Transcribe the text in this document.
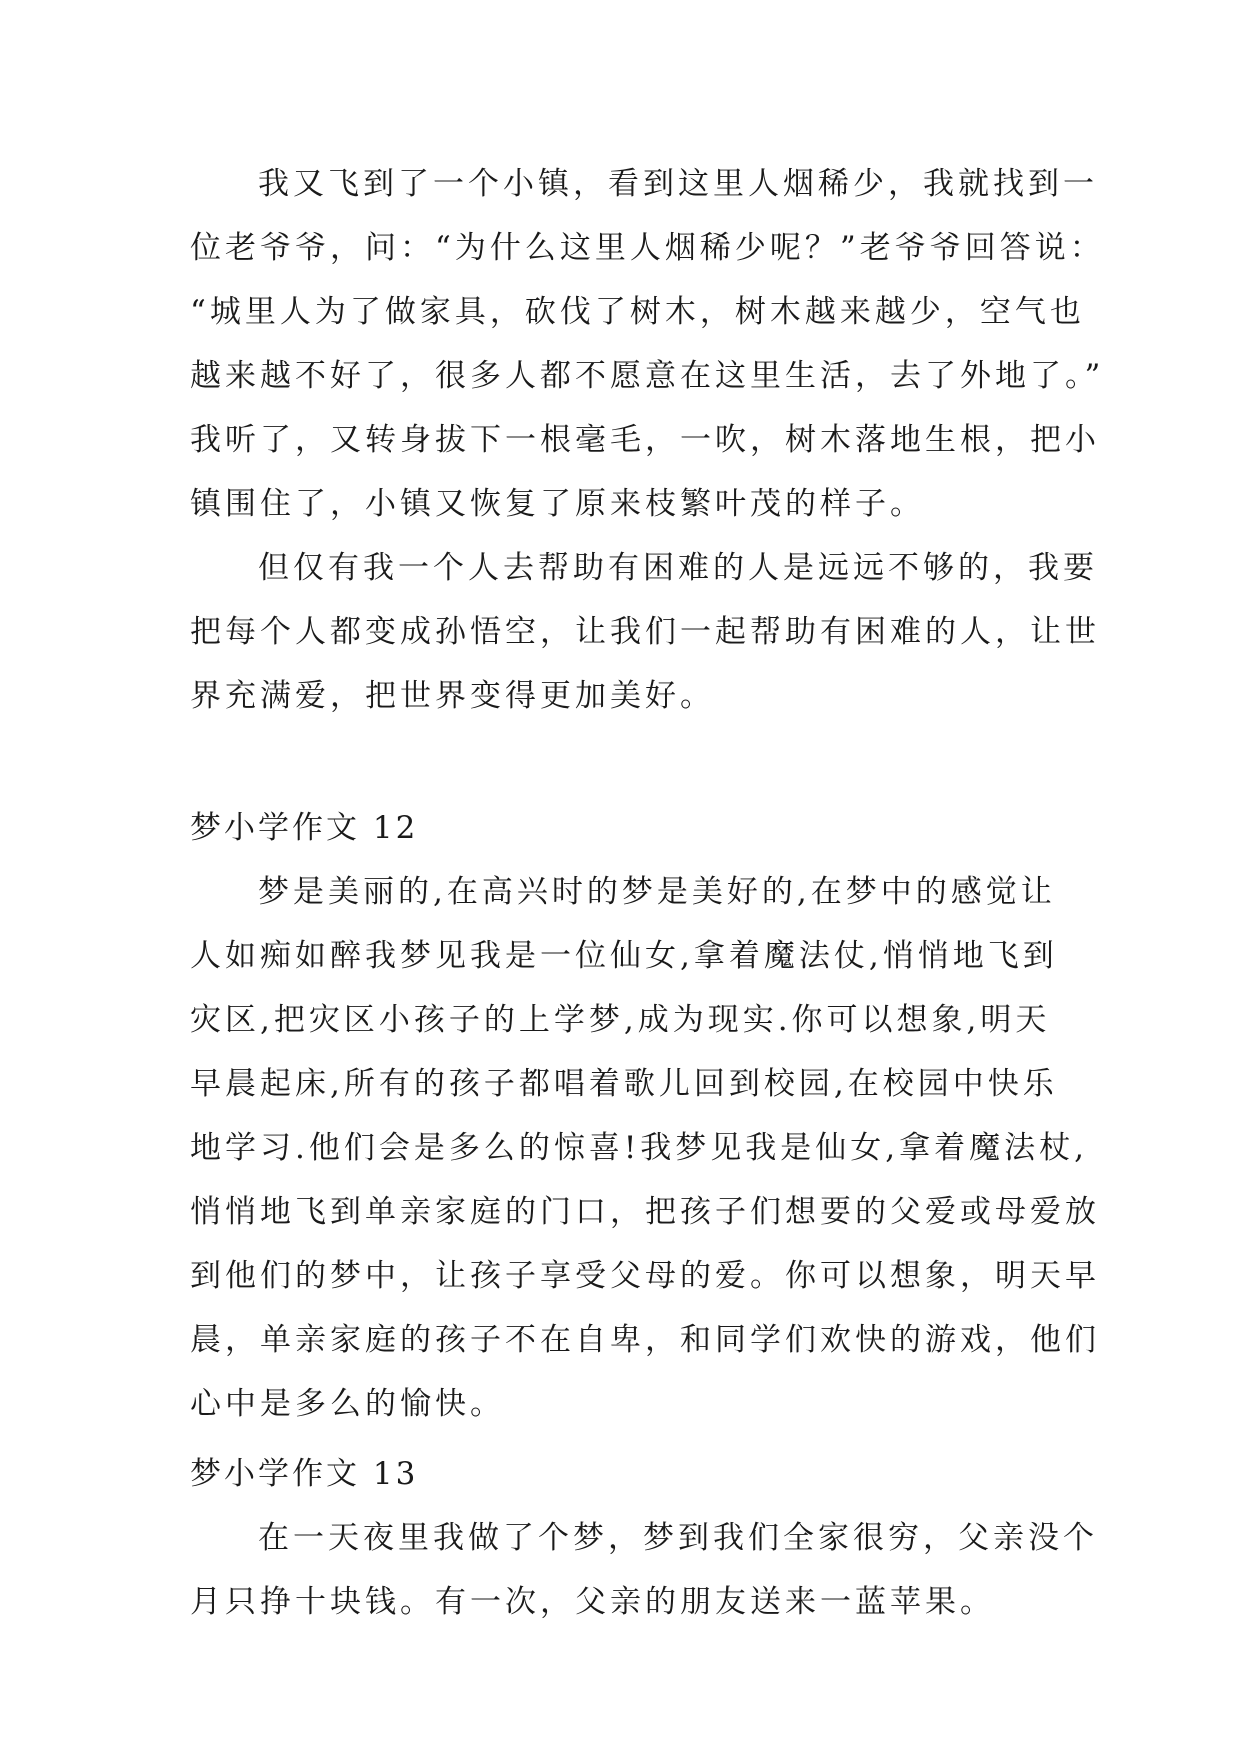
我又飞到了一个小镇，看到这里人烟稀少，我就找到一
位老爷爷，问：“为什么这里人烟稀少呢？”老爷爷回答说：
“城里人为了做家具，砍伐了树木，树木越来越少，空气也
越来越不好了，很多人都不愿意在这里生活，去了外地了。”
我听了，又转身拔下一根毫毛，一吹，树木落地生根，把小
镇围住了，小镇又恢复了原来枝繁叶茂的样子。
但仅有我一个人去帮助有困难的人是远远不够的，我要
把每个人都变成孙悟空，让我们一起帮助有困难的人，让世
界充满爱，把世界变得更加美好。
梦小学作文 12
梦是美丽的,在高兴时的梦是美好的,在梦中的感觉让
人如痴如醉我梦见我是一位仙女,拿着魔法仗,悄悄地飞到
灾区,把灾区小孩子的上学梦,成为现实.你可以想象,明天
早晨起床,所有的孩子都唱着歌儿回到校园,在校园中快乐
地学习.他们会是多么的惊喜!我梦见我是仙女,拿着魔法杖,
悄悄地飞到单亲家庭的门口，把孩子们想要的父爱或母爱放
到他们的梦中，让孩子享受父母的爱。你可以想象，明天早
晨，单亲家庭的孩子不在自卑，和同学们欢快的游戏，他们
心中是多么的愉快。
梦小学作文 13
在一天夜里我做了个梦，梦到我们全家很穷，父亲没个
月只挣十块钱。有一次，父亲的朋友送来一蓝苹果。
